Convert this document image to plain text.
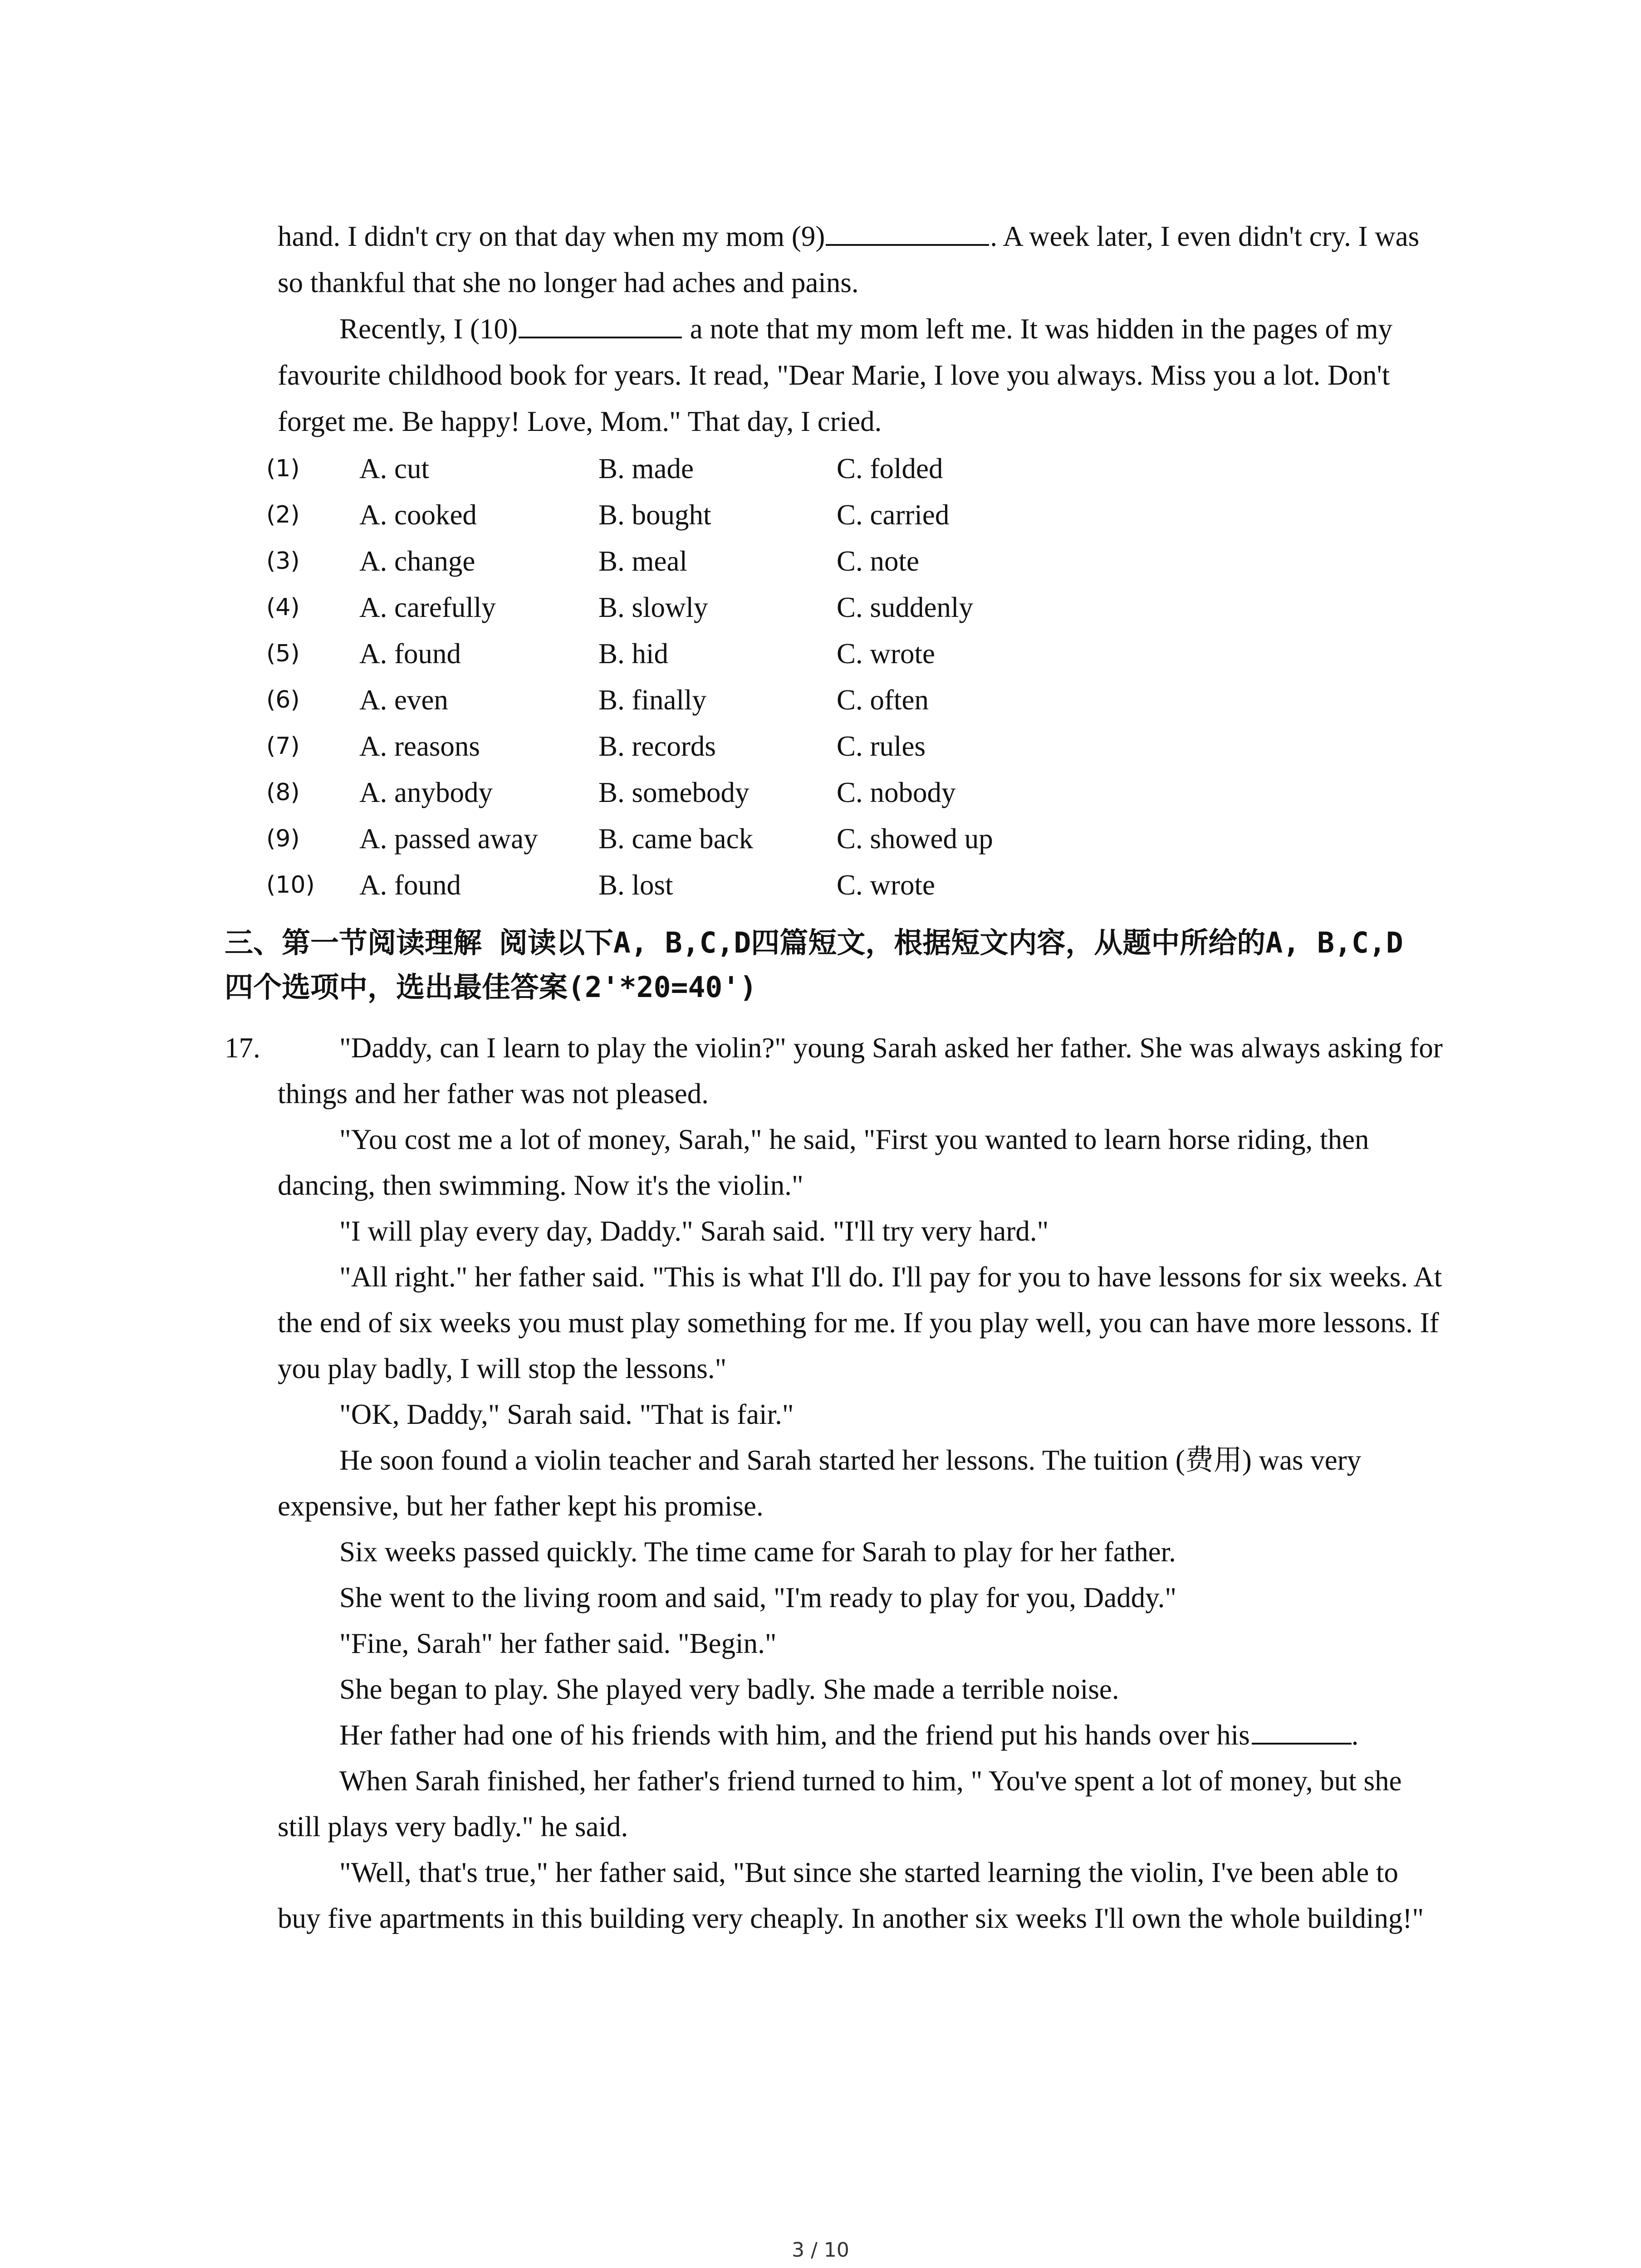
hand. I didn't cry on that day when my mom (9)	. A week later, I even didn't cry. I was so thankful that she no longer had aches and pains.

Recently, I (10)	a note that my mom left me. It was hidden in the pages of my favourite childhood book for years. It read, "Dear Marie, I love you always. Miss you a lot. Don't forget me. Be happy! Love, Mom." That day, I cried.

(1) A. cut	B. made	C. folded
(2) A. cooked	B. bought	C. carried
(3) A. change	B. meal	C. note
(4) A. carefully	B. slowly	C. suddenly
(5) A. found	B. hid	C. wrote
(6) A. even	B. finally	C. often
(7) A. reasons	B. records	C. rules
(8) A. anybody	B. somebody	C. nobody
(9) A. passed away B. came back	C. showed up
(10) A. found	B. lost	C. wrote
三、第一节阅读理解 阅读以下A, B,C,D四篇短文，根据短文内容，从题中所给的A, B,C,D
四个选项中，选出最佳答案(2'*20=40')
17.	"Daddy, can I learn to play the violin?" young Sarah asked her father. She was always asking for things and her father was not pleased.

"You cost me a lot of money, Sarah," he said, "First you wanted to learn horse riding, then dancing, then swimming. Now it's the violin."

"I will play every day, Daddy." Sarah said. "I'll try very hard."

"All right." her father said. "This is what I'll do. I'll pay for you to have lessons for six weeks. At the end of six weeks you must play something for me. If you play well, you can have more lessons. If you play badly, I will stop the lessons."

"OK, Daddy," Sarah said. "That is fair."

He soon found a violin teacher and Sarah started her lessons. The tuition (费用) was very expensive, but her father kept his promise.

Six weeks passed quickly. The time came for Sarah to play for her father.

She went to the living room and said, "I'm ready to play for you, Daddy."

"Fine, Sarah" her father said. "Begin."

She began to play. She played very badly. She made a terrible noise.

Her father had one of his friends with him, and the friend put his hands over his	.

When Sarah finished, her father's friend turned to him, " You've spent a lot of money, but she still plays very badly." he said.

"Well, that's true," her father said, "But since she started learning the violin, I've been able to buy five apartments in this building very cheaply. In another six weeks I'll own the whole building!"

3 / 10
